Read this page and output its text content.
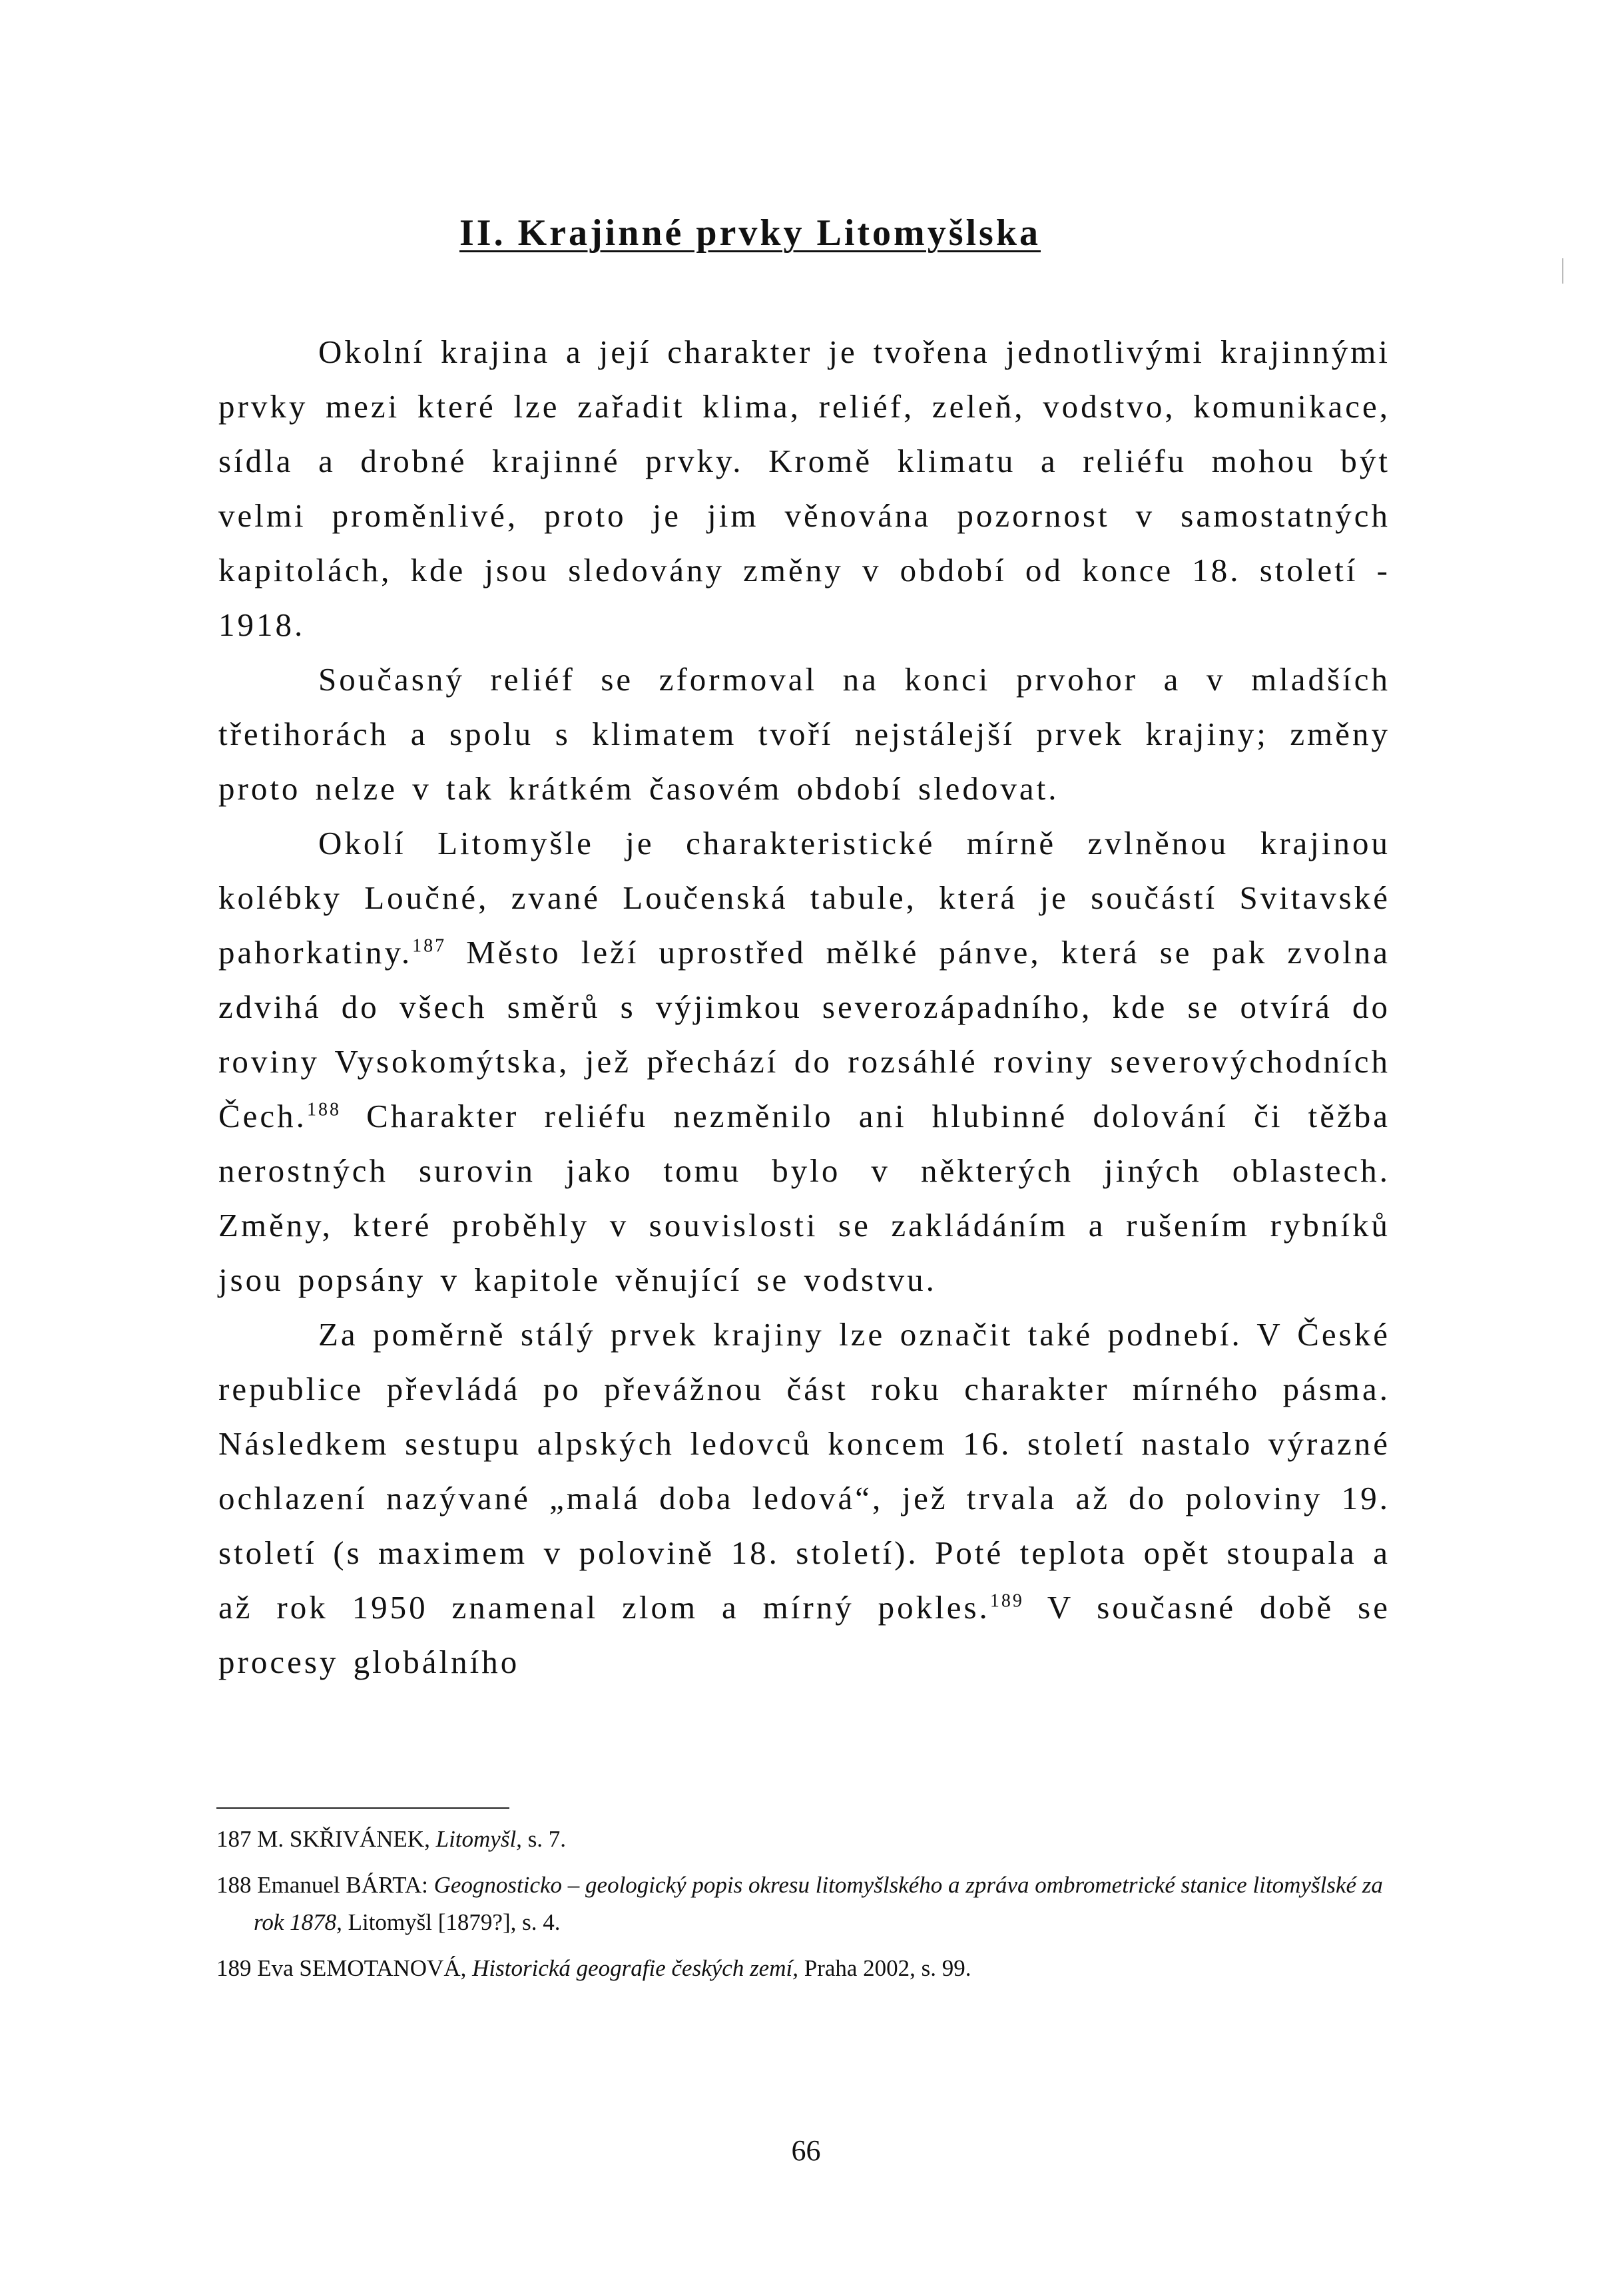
II. Krajinné prvky Litomyšlska

Okolní krajina a její charakter je tvořena jednotlivými krajinnými prvky mezi které lze zařadit klima, reliéf, zeleň, vodstvo, komunikace, sídla a drobné krajinné prvky. Kromě klimatu a reliéfu mohou být velmi proměnlivé, proto je jim věnována pozornost v samostatných kapitolách, kde jsou sledovány změny v období od konce 18. století - 1918.

Současný reliéf se zformoval na konci prvohor a v mladších třetihorách a spolu s klimatem tvoří nejstálejší prvek krajiny; změny proto nelze v tak krátkém časovém období sledovat.

Okolí Litomyšle je charakteristické mírně zvlněnou krajinou kolébky Loučné, zvané Loučenská tabule, která je součástí Svitavské pahorkatiny.$^{187}$ Město leží uprostřed mělké pánve, která se pak zvolna zdvihá do všech směrů s výjimkou severozápadního, kde se otvírá do roviny Vysokomýtska, jež přechází do rozsáhlé roviny severovýchodních Čech.$^{188}$ Charakter reliéfu nezměnilo ani hlubinné dolování či těžba nerostných surovin jako tomu bylo v některých jiných oblastech. Změny, které proběhly v souvislosti se zakládáním a rušením rybníků jsou popsány v kapitole věnující se vodstvu.

Za poměrně stálý prvek krajiny lze označit také podnebí. V České republice převládá po převážnou část roku charakter mírného pásma. Následkem sestupu alpských ledovců koncem 16. století nastalo výrazné ochlazení nazývané „malá doba ledová“, jež trvala až do poloviny 19. století (s maximem v polovině 18. století). Poté teplota opět stoupala a až rok 1950 znamenal zlom a mírný pokles.$^{189}$ V současné době se procesy globálního

187 M. SKŘIVÁNEK, Litomyšl, s. 7.

188 Emanuel BÁRTA: Geognosticko – geologický popis okresu litomyšlského a zpráva ombrometrické stanice litomyšlské za rok 1878, Litomyšl [1879?], s. 4.

189 Eva SEMOTANOVÁ, Historická geografie českých zemí, Praha 2002, s. 99.

66
